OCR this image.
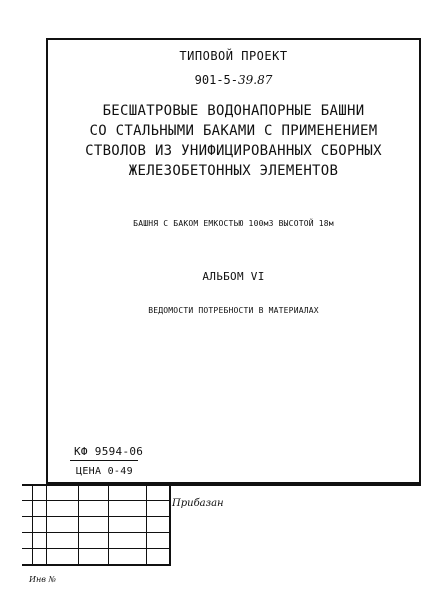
ТИПОВОЙ ПРОЕКТ
901-5-39.87
БЕСШАТРОВЫЕ ВОДОНАПОРНЫЕ БАШНИ
СО СТАЛЬНЫМИ БАКАМИ С ПРИМЕНЕНИЕМ
СТВОЛОВ ИЗ УНИФИЦИРОВАННЫХ СБОРНЫХ
ЖЕЛЕЗОБЕТОННЫХ ЭЛЕМЕНТОВ
БАШНЯ С БАКОМ ЕМКОСТЬЮ 100м3 ВЫСОТОЙ 18м
АЛЬБОМ VI
ВЕДОМОСТИ ПОТРЕБНОСТИ В МАТЕРИАЛАХ
КФ 9594-06
ЦЕНА 0-49
Прибазан
Инв №
